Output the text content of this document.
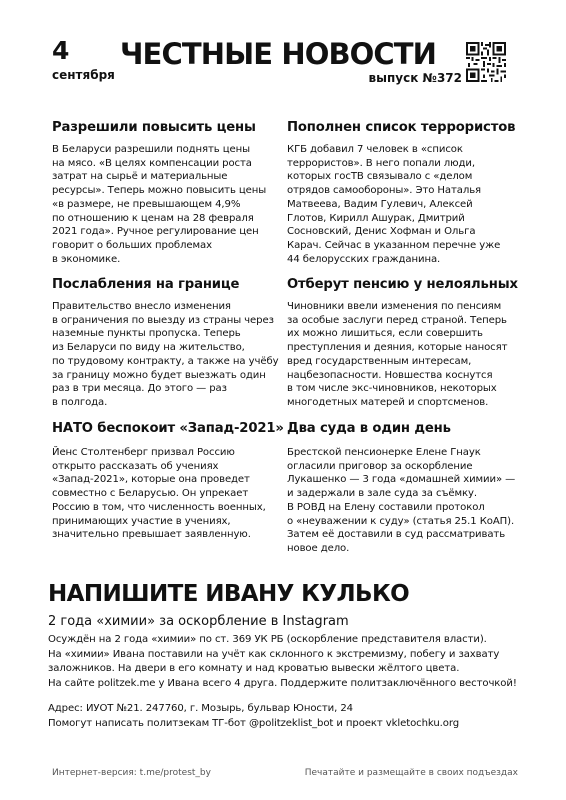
4
сентября
ЧЕСТНЫЕ НОВОСТИ
выпуск №372
Разрешили повысить цены
В Беларуси разрешили поднять цены
на мясо. «В целях компенсации роста
затрат на сырьё и материальные
ресурсы». Теперь можно повысить цены
«в размере, не превышающем 4,9%
по отношению к ценам на 28 февраля
2021 года». Ручное регулирование цен
говорит о больших проблемах
в экономике.
Пополнен список террористов
КГБ добавил 7 человек в «список
террористов». В него попали люди,
которых госТВ связывало с «делом
отрядов самообороны». Это Наталья
Матвеева, Вадим Гулевич, Алексей
Глотов, Кирилл Ашурак, Дмитрий
Сосновский, Денис Хофман и Ольга
Карач. Сейчас в указанном перечне уже
44 белорусских гражданина.
Послабления на границе
Правительство внесло изменения
в ограничения по выезду из страны через
наземные пункты пропуска. Теперь
из Беларуси по виду на жительство,
по трудовому контракту, а также на учёбу
за границу можно будет выезжать один
раз в три месяца. До этого — раз
в полгода.
Отберут пенсию у нелояльных
Чиновники ввели изменения по пенсиям
за особые заслуги перед страной. Теперь
их можно лишиться, если совершить
преступления и деяния, которые наносят
вред государственным интересам,
нацбезопасности. Новшества коснутся
в том числе экс-чиновников, некоторых
многодетных матерей и спортсменов.
НАТО беспокоит «Запад-2021»
Йенс Столтенберг призвал Россию
открыто рассказать об учениях
«Запад-2021», которые она проведет
совместно с Беларусью. Он упрекает
Россию в том, что численность военных,
принимающих участие в учениях,
значительно превышает заявленную.
Два суда в один день
Брестской пенсионерке Елене Гнаук
огласили приговор за оскорбление
Лукашенко — 3 года «домашней химии» —
и задержали в зале суда за съёмку.
В РОВД на Елену составили протокол
о «неуважении к суду» (статья 25.1 КоАП).
Затем её доставили в суд рассматривать
новое дело.
НАПИШИТЕ ИВАНУ КУЛЬКО
2 года «химии» за оскорбление в Instagram
Осуждён на 2 года «химии» по ст. 369 УК РБ (оскорбление представителя власти).
На «химии» Ивана поставили на учёт как склонного к экстремизму, побегу и захвату
заложников. На двери в его комнату и над кроватью вывески жёлтого цвета.
На сайте politzek.me у Ивана всего 4 друга. Поддержите политзаключённого весточкой!
Адрес: ИУОТ №21. 247760, г. Мозырь, бульвар Юности, 24
Помогут написать политзекам ТГ-бот @politzeklist_bot и проект vkletochku.org
Интернет-версия: t.me/protest_by	Печатайте и размещайте в своих подъездах
